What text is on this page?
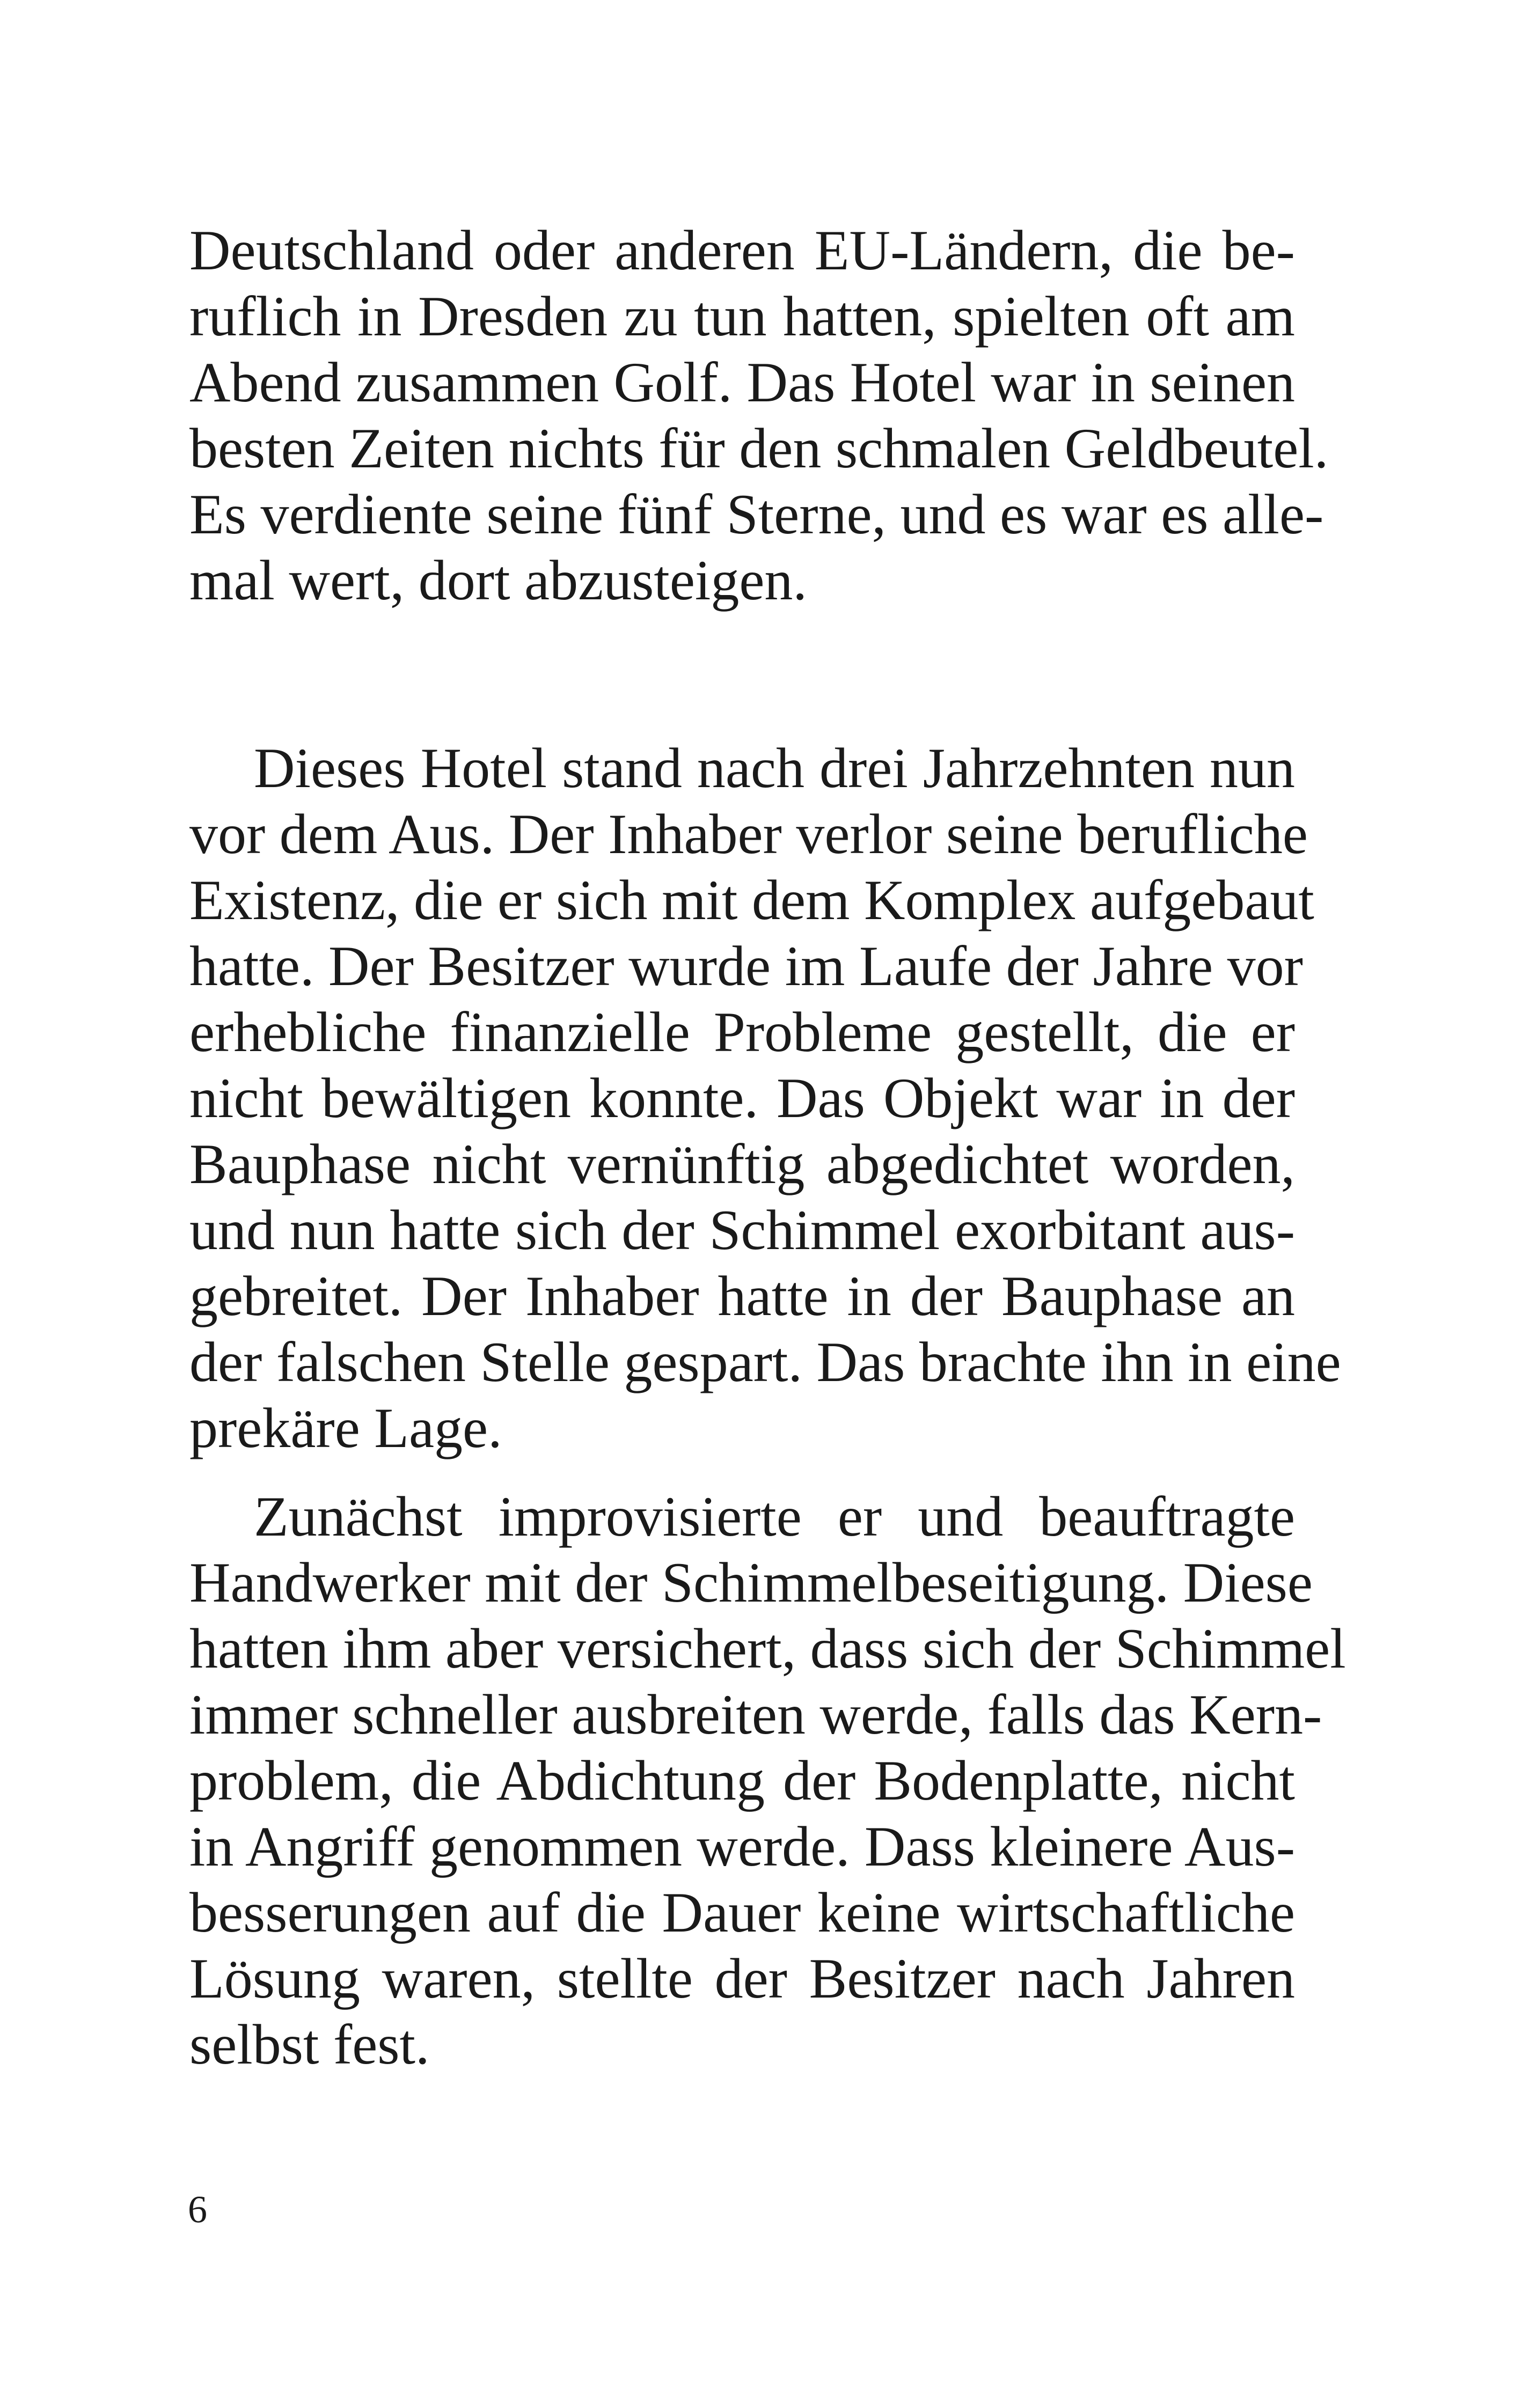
Deutschland oder anderen EU-Ländern, die be-
ruflich in Dresden zu tun hatten, spielten oft am
Abend zusammen Golf. Das Hotel war in seinen
besten Zeiten nichts für den schmalen Geldbeutel.
Es verdiente seine fünf Sterne, und es war es alle-
mal wert, dort abzusteigen.
Dieses Hotel stand nach drei Jahrzehnten nun
vor dem Aus. Der Inhaber verlor seine berufliche
Existenz, die er sich mit dem Komplex aufgebaut
hatte. Der Besitzer wurde im Laufe der Jahre vor
erhebliche finanzielle Probleme gestellt, die er
nicht bewältigen konnte. Das Objekt war in der
Bauphase nicht vernünftig abgedichtet worden,
und nun hatte sich der Schimmel exorbitant aus-
gebreitet. Der Inhaber hatte in der Bauphase an
der falschen Stelle gespart. Das brachte ihn in eine
prekäre Lage.
Zunächst improvisierte er und beauftragte
Handwerker mit der Schimmelbeseitigung. Diese
hatten ihm aber versichert, dass sich der Schimmel
immer schneller ausbreiten werde, falls das Kern-
problem, die Abdichtung der Bodenplatte, nicht
in Angriff genommen werde. Dass kleinere Aus-
besserungen auf die Dauer keine wirtschaftliche
Lösung waren, stellte der Besitzer nach Jahren
selbst fest.
6
